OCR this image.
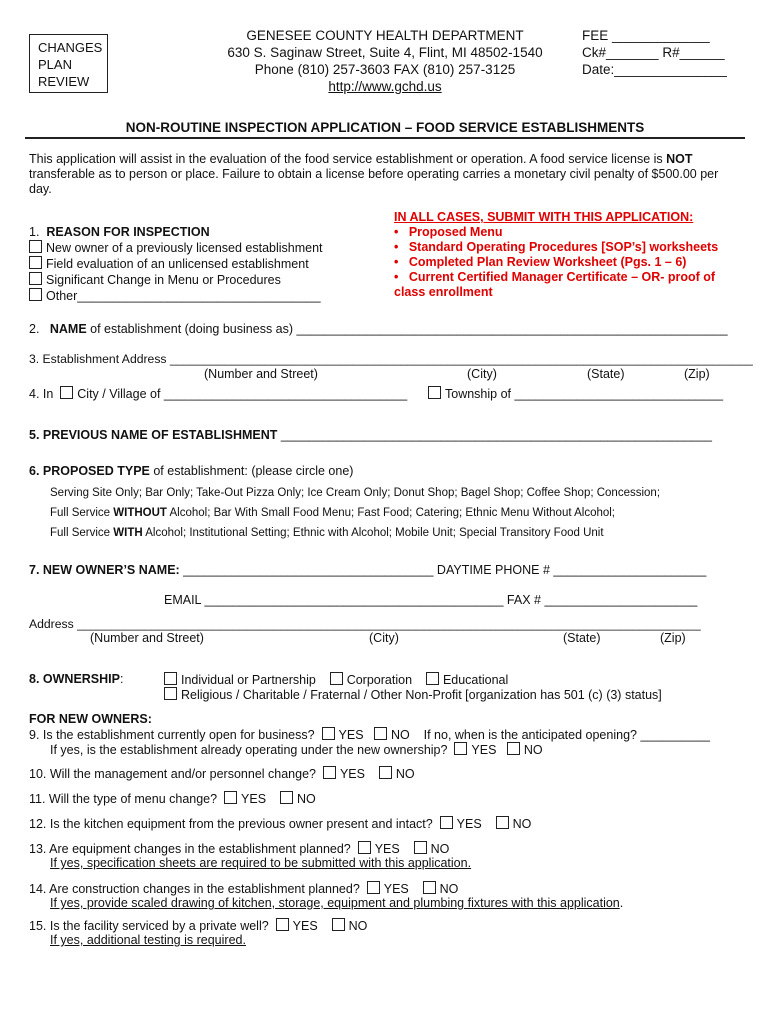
CHANGES
PLAN
REVIEW
GENESEE COUNTY HEALTH DEPARTMENT
630 S. Saginaw Street, Suite 4, Flint, MI 48502-1540
Phone (810) 257-3603 FAX (810) 257-3125
http://www.gchd.us
FEE _____________
Ck#_______ R#______
Date:_______________
NON-ROUTINE INSPECTION APPLICATION – FOOD SERVICE ESTABLISHMENTS
This application will assist in the evaluation of the food service establishment or operation. A food service license is NOT
transferable as to person or place. Failure to obtain a license before operating carries a monetary civil penalty of $500.00 per
day.
1. REASON FOR INSPECTION
New owner of a previously licensed establishment
Field evaluation of an unlicensed establishment
Significant Change in Menu or Procedures
Other___________________________________
IN ALL CASES, SUBMIT WITH THIS APPLICATION:
• Proposed Menu
• Standard Operating Procedures [SOP’s] worksheets
• Completed Plan Review Worksheet (Pgs. 1 – 6)
• Current Certified Manager Certificate – OR- proof of
class enrollment
2. NAME of establishment (doing business as) ______________________________________________________________
3. Establishment Address ______________________________________________________________________________________
(Number and Street)	(City)	(State)	(Zip)
4. In City / Village of ___________________________________	Township of ______________________________
5. PREVIOUS NAME OF ESTABLISHMENT ______________________________________________________________
6. PROPOSED TYPE of establishment: (please circle one)
Serving Site Only; Bar Only; Take-Out Pizza Only; Ice Cream Only; Donut Shop; Bagel Shop; Coffee Shop; Concession;
Full Service WITHOUT Alcohol; Bar With Small Food Menu; Fast Food; Catering; Ethnic Menu Without Alcohol;
Full Service WITH Alcohol; Institutional Setting; Ethnic with Alcohol; Mobile Unit; Special Transitory Food Unit
7. NEW OWNER’S NAME: ____________________________________ DAYTIME PHONE # ______________________
EMAIL ___________________________________________ FAX # ______________________
Address ____________________________________________________________________________________________
(Number and Street)	(City)	(State)	(Zip)
8. OWNERSHIP:	Individual or Partnership Corporation Educational
Religious / Charitable / Fraternal / Other Non-Profit [organization has 501 (c) (3) status]
FOR NEW OWNERS:
9. Is the establishment currently open for business? YES NO If no, when is the anticipated opening? __________
If yes, is the establishment already operating under the new ownership? YES NO
10. Will the management and/or personnel change? YES NO
11. Will the type of menu change? YES NO
12. Is the kitchen equipment from the previous owner present and intact? YES NO
13. Are equipment changes in the establishment planned? YES NO
If yes, specification sheets are required to be submitted with this application.
14. Are construction changes in the establishment planned? YES NO
If yes, provide scaled drawing of kitchen, storage, equipment and plumbing fixtures with this application.
15. Is the facility serviced by a private well? YES NO
If yes, additional testing is required.
